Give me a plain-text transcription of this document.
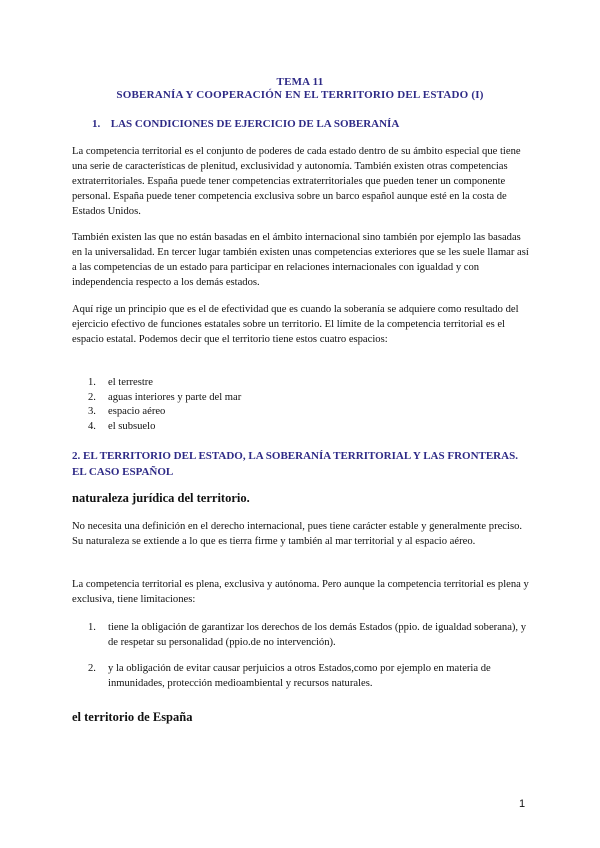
TEMA 11
SOBERANÍA Y COOPERACIÓN EN EL TERRITORIO DEL ESTADO (I)
1. LAS CONDICIONES DE EJERCICIO DE LA SOBERANÍA

La competencia territorial es el conjunto de poderes de cada estado dentro de su ámbito especial que tiene una serie de características de plenitud, exclusividad y autonomía. También existen otras competencias extraterritoriales. España puede tener competencias extraterritoriales que pueden tener un componente personal. España puede tener competencia exclusiva sobre un barco español aunque esté en la costa de Estados Unidos.

También existen las que no están basadas en el ámbito internacional sino también por ejemplo las basadas en la universalidad. En tercer lugar también existen unas competencias exteriores que se les suele llamar así a las competencias de un estado para participar en relaciones internacionales con igualdad y con independencia respecto a los demás estados.

Aquí rige un principio que es el de efectividad que es cuando la soberanía se adquiere como resultado del ejercicio efectivo de funciones estatales sobre un territorio. El límite de la competencia territorial es el espacio estatal. Podemos decir que el territorio tiene estos cuatro espacios:

1. el terrestre
2. aguas interiores y parte del mar
3. espacio aéreo
4. el subsuelo
2. EL TERRITORIO DEL ESTADO, LA SOBERANÍA TERRITORIAL Y LAS FRONTERAS. EL CASO ESPAÑOL
naturaleza jurídica del territorio.

No necesita una definición en el derecho internacional, pues tiene carácter estable y generalmente preciso. Su naturaleza se extiende a lo que es tierra firme y también al mar territorial y al espacio aéreo.

La competencia territorial es plena, exclusiva y autónoma. Pero aunque la competencia territorial es plena y exclusiva, tiene limitaciones:

1. tiene la obligación de garantizar los derechos de los demás Estados (ppio. de igualdad soberana), y de respetar su personalidad (ppio.de no intervención).
2. y la obligación de evitar causar perjuicios a otros Estados,como por ejemplo en materia de inmunidades, protección medioambiental y recursos naturales.
el territorio de España
1
